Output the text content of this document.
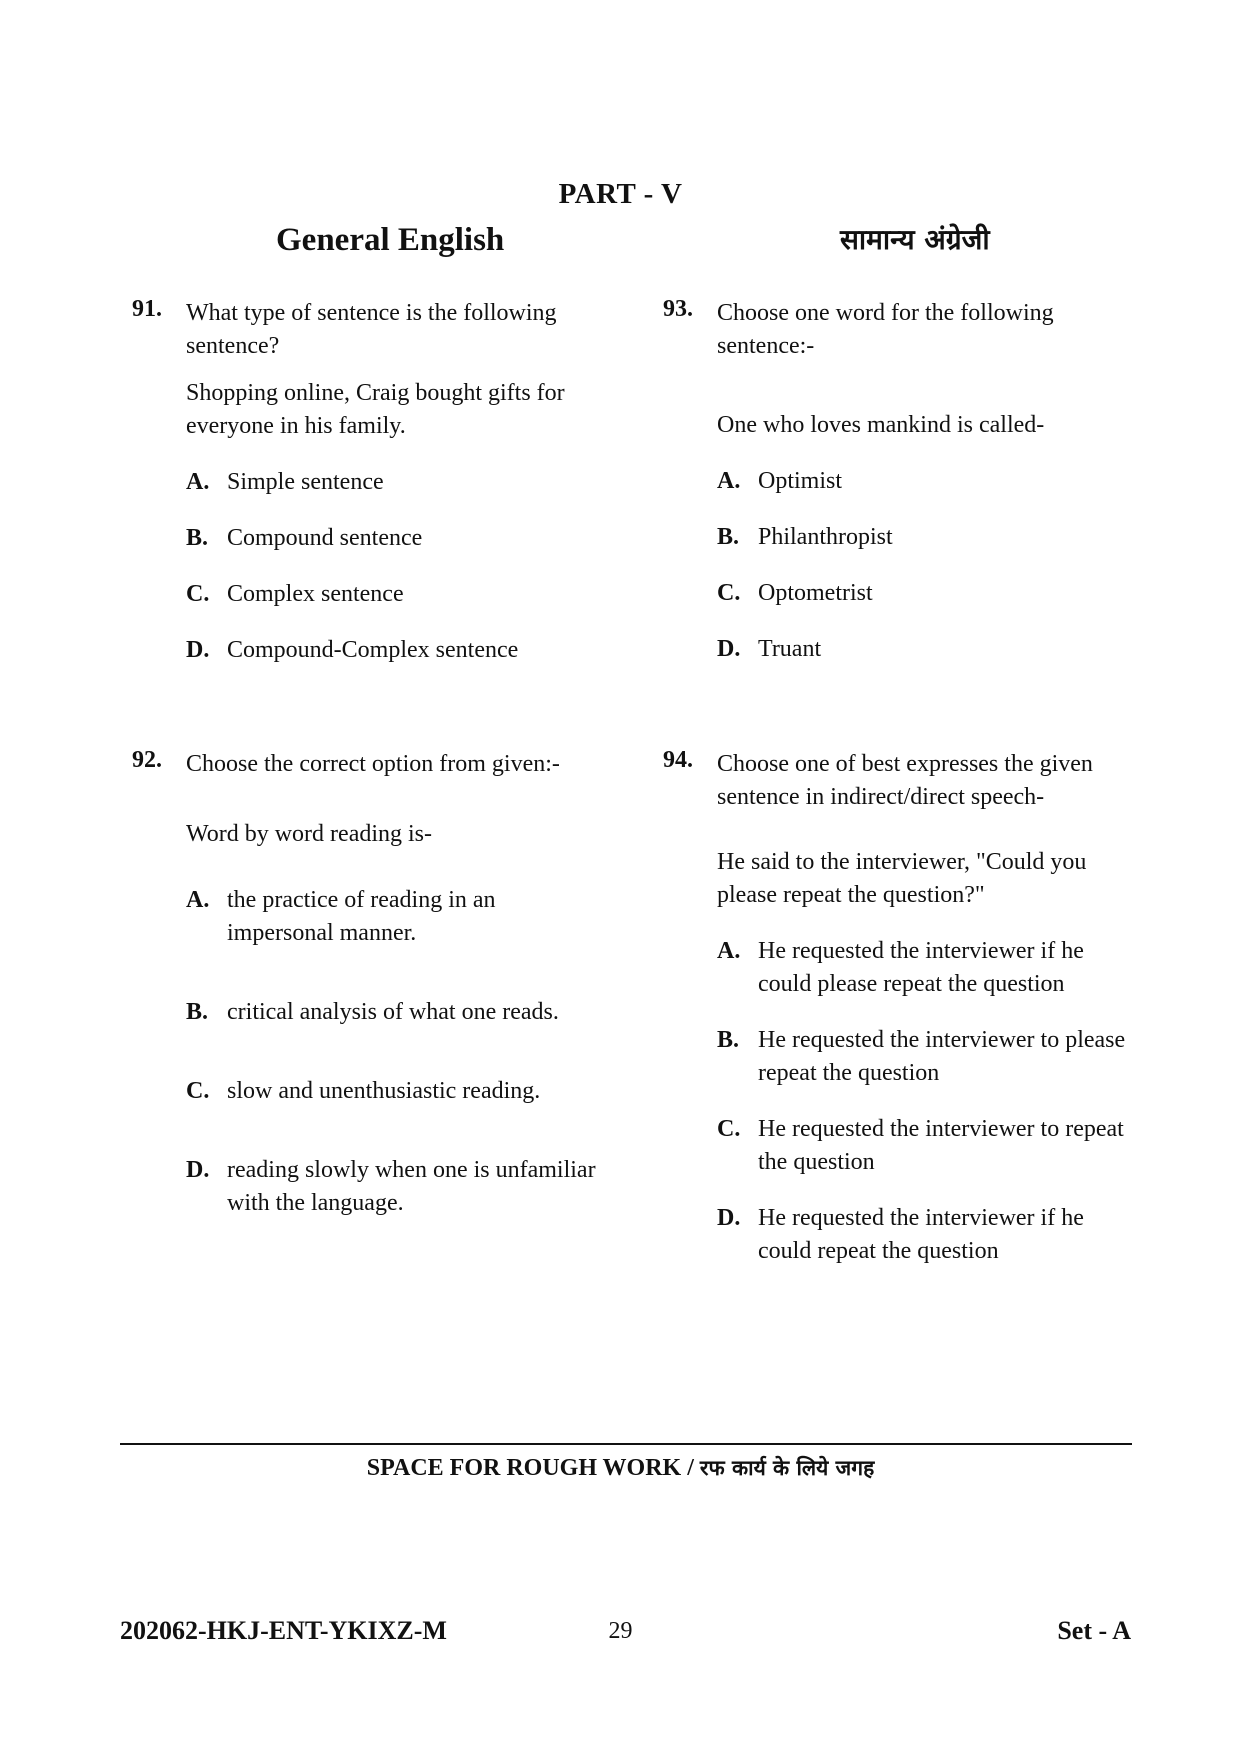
PART - V
General English	सामान्य अंग्रेजी
91. What type of sentence is the following sentence?

Shopping online, Craig bought gifts for everyone in his family.

A. Simple sentence
B. Compound sentence
C. Complex sentence
D. Compound-Complex sentence
92. Choose the correct option from given:-

Word by word reading is-

A. the practice of reading in an impersonal manner.
B. critical analysis of what one reads.
C. slow and unenthusiastic reading.
D. reading slowly when one is unfamiliar with the language.
93. Choose one word for the following sentence:-

One who loves mankind is called-

A. Optimist
B. Philanthropist
C. Optometrist
D. Truant
94. Choose one of best expresses the given sentence in indirect/direct speech-

He said to the interviewer, "Could you please repeat the question?"

A. He requested the interviewer if he could please repeat the question
B. He requested the interviewer to please repeat the question
C. He requested the interviewer to repeat the question
D. He requested the interviewer if he could repeat the question
SPACE FOR ROUGH WORK / रफ कार्य के लिये जगह
202062-HKJ-ENT-YKIXZ-M	29	Set - A
